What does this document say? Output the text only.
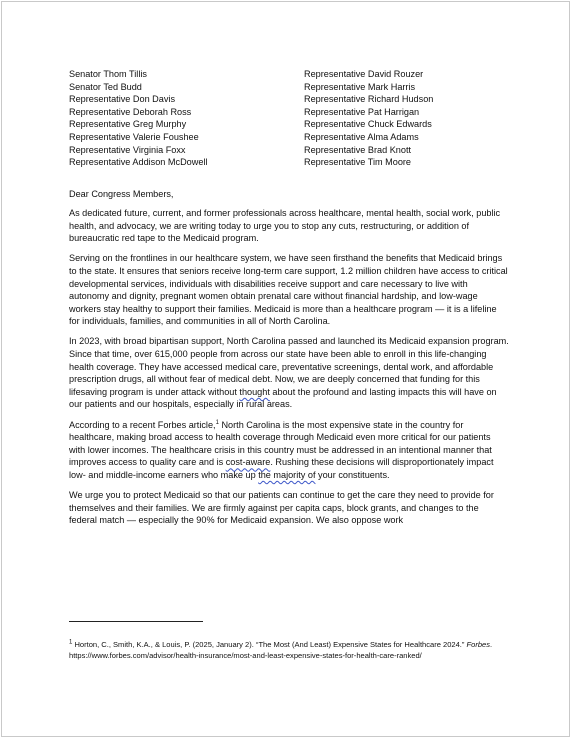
Senator Thom Tillis
Senator Ted Budd
Representative Don Davis
Representative Deborah Ross
Representative Greg Murphy
Representative Valerie Foushee
Representative Virginia Foxx
Representative Addison McDowell
Representative David Rouzer
Representative Mark Harris
Representative Richard Hudson
Representative Pat Harrigan
Representative Chuck Edwards
Representative Alma Adams
Representative Brad Knott
Representative Tim Moore

Dear Congress Members,

As dedicated future, current, and former professionals across healthcare, mental health, social work, public health, and advocacy, we are writing today to urge you to stop any cuts, restructuring, or addition of bureaucratic red tape to the Medicaid program.

Serving on the frontlines in our healthcare system, we have seen firsthand the benefits that Medicaid brings to the state. It ensures that seniors receive long-term care support, 1.2 million children have access to critical developmental services, individuals with disabilities receive support and care necessary to live with autonomy and dignity, pregnant women obtain prenatal care without financial hardship, and low-wage workers stay healthy to support their families. Medicaid is more than a healthcare program — it is a lifeline for individuals, families, and communities in all of North Carolina.

In 2023, with broad bipartisan support, North Carolina passed and launched its Medicaid expansion program. Since that time, over 615,000 people from across our state have been able to enroll in this life-changing health coverage. They have accessed medical care, preventative screenings, dental work, and affordable prescription drugs, all without fear of medical debt. Now, we are deeply concerned that funding for this lifesaving program is under attack without thought about the profound and lasting impacts this will have on our patients and our hospitals, especially in rural areas.

According to a recent Forbes article,$^1$ North Carolina is the most expensive state in the country for healthcare, making broad access to health coverage through Medicaid even more critical for our patients with lower incomes. The healthcare crisis in this country must be addressed in an intentional manner that improves access to quality care and is cost-aware. Rushing these decisions will disproportionately impact low- and middle-income earners who make up the majority of your constituents.

We urge you to protect Medicaid so that our patients can continue to get the care they need to provide for themselves and their families. We are firmly against per capita caps, block grants, and changes to the federal match — especially the 90% for Medicaid expansion. We also oppose work

$^1$ Horton, C., Smith, K.A., & Louis, P. (2025, January 2). “The Most (And Least) Expensive States for Healthcare 2024.” Forbes. https://www.forbes.com/advisor/health-insurance/most-and-least-expensive-states-for-health-care-ranked/
